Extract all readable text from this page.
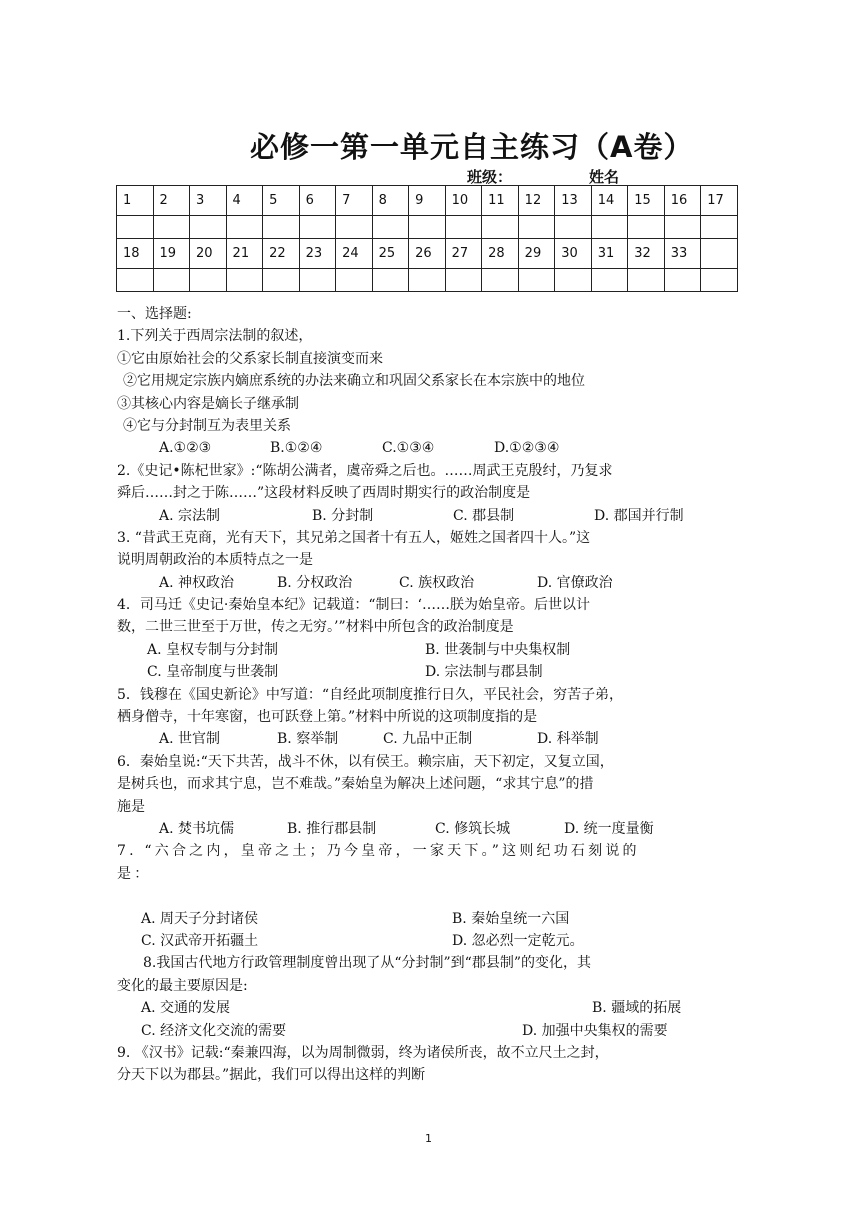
必修一第一单元自主练习（A卷）
班级：	姓名
1	2	3	4	5	6	7	8	9	10	11	12	13	14	15	16	17

18	19	20	21	22	23	24	25	26	27	28	29	30	31	32	33	

一、选择题:
1.下列关于西周宗法制的叙述，
①它由原始社会的父系家长制直接演变而来
②它用规定宗族内嫡庶系统的办法来确立和巩固父系家长在本宗族中的地位
③其核心内容是嫡长子继承制
④它与分封制互为表里关系
A.①②③	B.①②④	C.①③④	D.①②③④
2.《史记•陈杞世家》:“陈胡公满者，虞帝舜之后也。……周武王克殷纣，乃复求
舜后……封之于陈……”这段材料反映了西周时期实行的政治制度是
A. 宗法制	B. 分封制	C. 郡县制	D. 郡国并行制
3. “昔武王克商，光有天下，其兄弟之国者十有五人，姬姓之国者四十人。”这
说明周朝政治的本质特点之一是
A. 神权政治	B. 分权政治	C. 族权政治	D. 官僚政治
4．司马迁《史记·秦始皇本纪》记载道：“制曰：‘……朕为始皇帝。后世以计
数，二世三世至于万世，传之无穷。’”材料中所包含的政治制度是
A. 皇权专制与分封制	B. 世袭制与中央集权制
C. 皇帝制度与世袭制	D. 宗法制与郡县制
5．钱穆在《国史新论》中写道：“自经此项制度推行日久，平民社会，穷苦子弟，
栖身僧寺，十年寒窗，也可跃登上第。”材料中所说的这项制度指的是
A. 世官制	B. 察举制	C. 九品中正制	D. 科举制
6．秦始皇说:“天下共苦，战斗不休，以有侯王。赖宗庙，天下初定，又复立国，
是树兵也，而求其宁息，岂不难哉。”秦始皇为解决上述问题，“求其宁息”的措
施是
A. 焚书坑儒	B. 推行郡县制	C. 修筑长城	D. 统一度量衡
7. “六合之内，皇帝之土；乃今皇帝，一家天下。”这则纪功石刻说的
是：
A. 周天子分封诸侯	B. 秦始皇统一六国
C. 汉武帝开拓疆土	D. 忽必烈一定乾元。
8.我国古代地方行政管理制度曾出现了从“分封制”到“郡县制”的变化，其
变化的最主要原因是:
A. 交通的发展	B. 疆域的拓展
C. 经济文化交流的需要	D. 加强中央集权的需要
9. 《汉书》记载:“秦兼四海，以为周制微弱，终为诸侯所丧，故不立尺土之封，
分天下以为郡县。”据此，我们可以得出这样的判断
1
